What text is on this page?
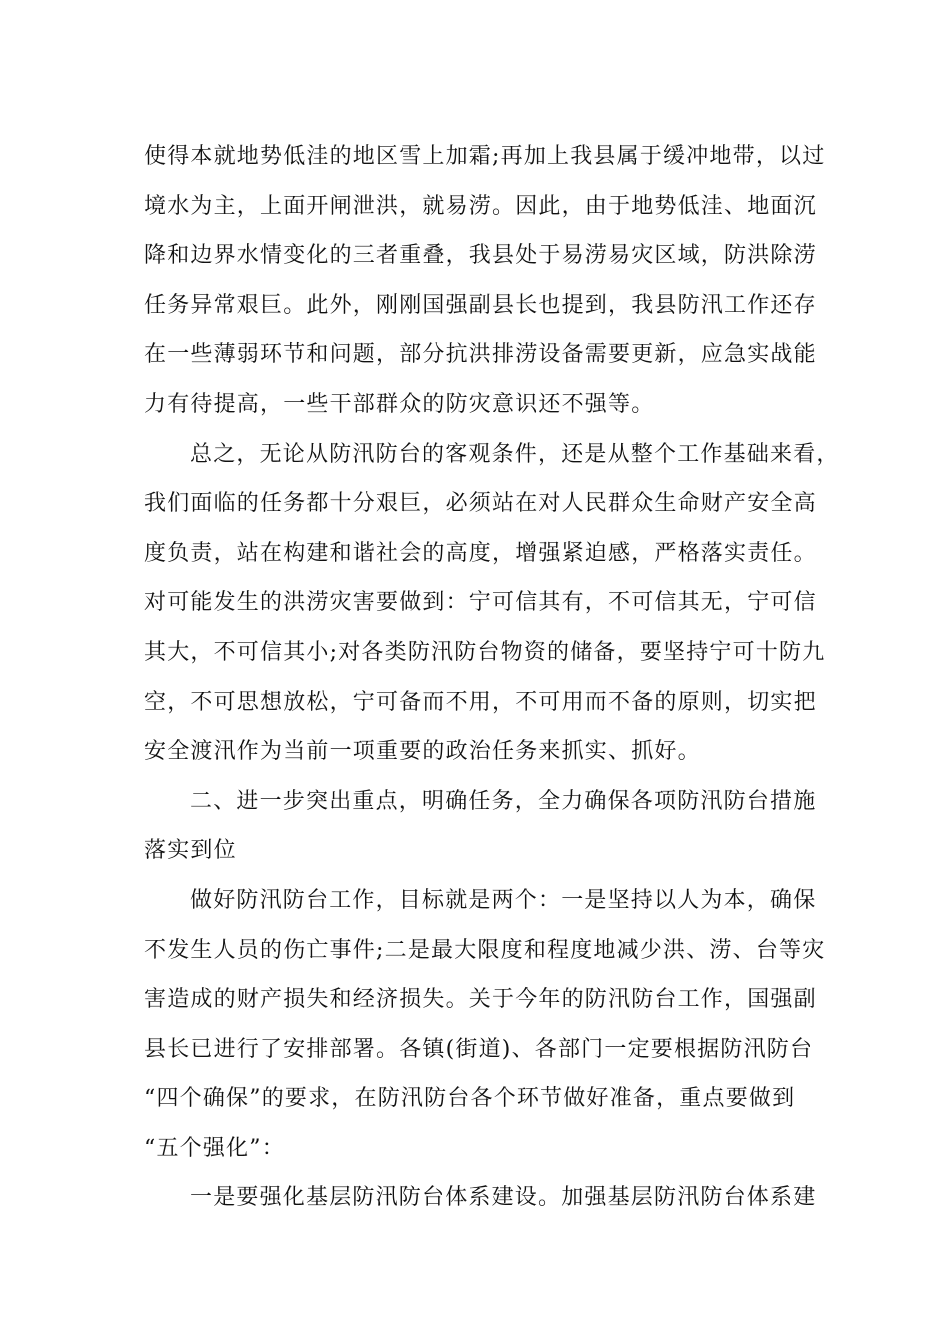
使得本就地势低洼的地区雪上加霜;再加上我县属于缓冲地带，以过
境水为主，上面开闸泄洪，就易涝。因此，由于地势低洼、地面沉
降和边界水情变化的三者重叠，我县处于易涝易灾区域，防洪除涝
任务异常艰巨。此外，刚刚国强副县长也提到，我县防汛工作还存
在一些薄弱环节和问题，部分抗洪排涝设备需要更新，应急实战能
力有待提高，一些干部群众的防灾意识还不强等。
总之，无论从防汛防台的客观条件，还是从整个工作基础来看，
我们面临的任务都十分艰巨，必须站在对人民群众生命财产安全高
度负责，站在构建和谐社会的高度，增强紧迫感，严格落实责任。
对可能发生的洪涝灾害要做到：宁可信其有，不可信其无，宁可信
其大，不可信其小;对各类防汛防台物资的储备，要坚持宁可十防九
空，不可思想放松，宁可备而不用，不可用而不备的原则，切实把
安全渡汛作为当前一项重要的政治任务来抓实、抓好。
二、进一步突出重点，明确任务，全力确保各项防汛防台措施
落实到位
做好防汛防台工作，目标就是两个：一是坚持以人为本，确保
不发生人员的伤亡事件;二是最大限度和程度地减少洪、涝、台等灾
害造成的财产损失和经济损失。关于今年的防汛防台工作，国强副
县长已进行了安排部署。各镇(街道)、各部门一定要根据防汛防台
“四个确保”的要求，在防汛防台各个环节做好准备，重点要做到
“五个强化”：
一是要强化基层防汛防台体系建设。加强基层防汛防台体系建
